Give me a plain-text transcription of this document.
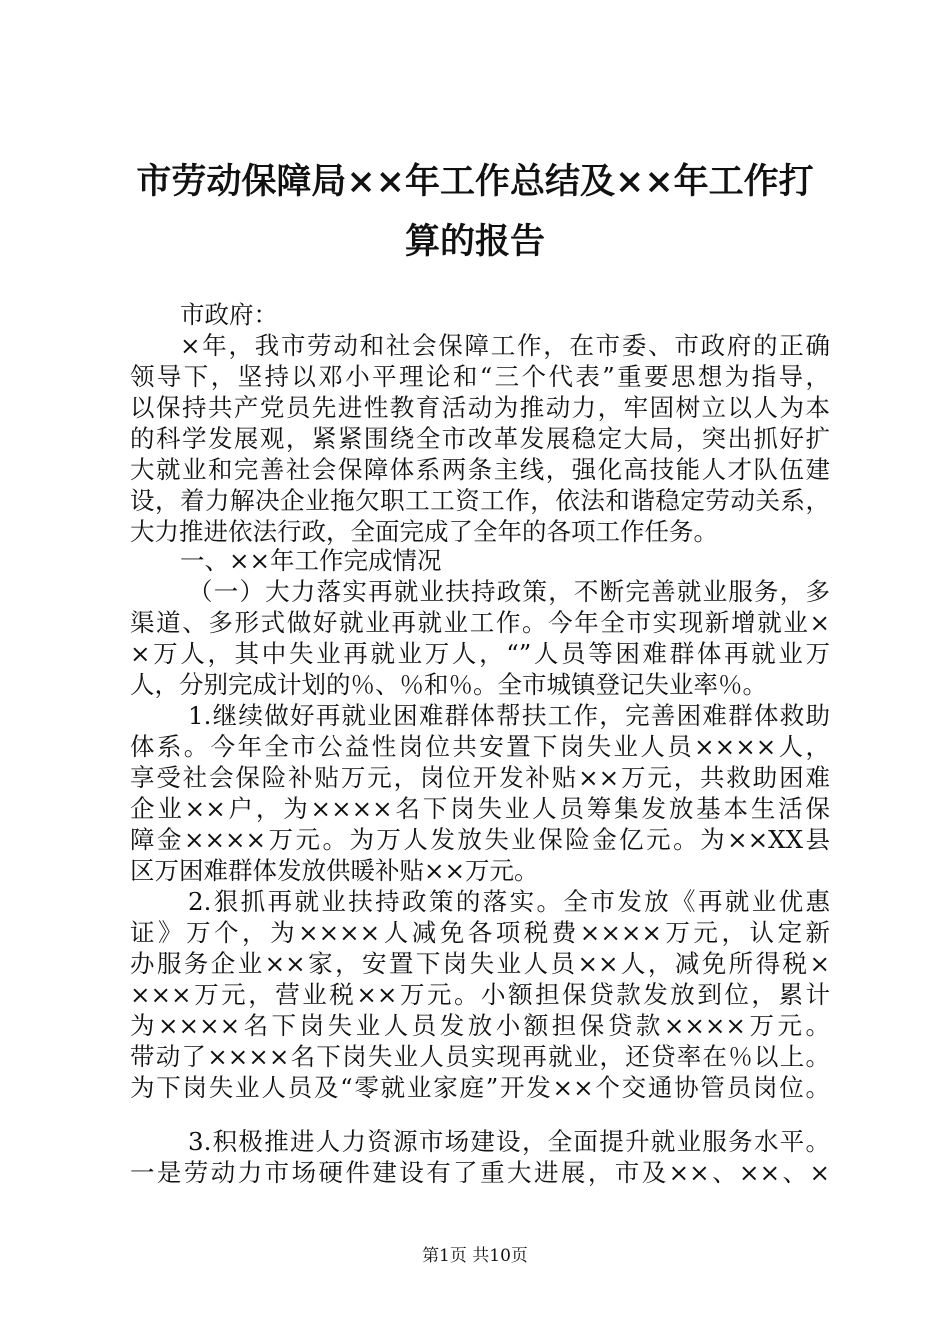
市劳动保障局××年工作总结及××年工作打
算的报告
市政府：
×年，我市劳动和社会保障工作，在市委、市政府的正确
领导下，坚持以邓小平理论和“三个代表”重要思想为指导，
以保持共产党员先进性教育活动为推动力，牢固树立以人为本
的科学发展观，紧紧围绕全市改革发展稳定大局，突出抓好扩
大就业和完善社会保障体系两条主线，强化高技能人才队伍建
设，着力解决企业拖欠职工工资工作，依法和谐稳定劳动关系，
大力推进依法行政，全面完成了全年的各项工作任务。
一、××年工作完成情况
（一）大力落实再就业扶持政策，不断完善就业服务，多
渠道、多形式做好就业再就业工作。今年全市实现新增就业×
×万人，其中失业再就业万人，“”人员等困难群体再就业万
人，分别完成计划的％、％和％。全市城镇登记失业率％。
1.继续做好再就业困难群体帮扶工作，完善困难群体救助
体系。今年全市公益性岗位共安置下岗失业人员××××人，
享受社会保险补贴万元，岗位开发补贴××万元，共救助困难
企业××户，为××××名下岗失业人员筹集发放基本生活保
障金××××万元。为万人发放失业保险金亿元。为××XX县
区万困难群体发放供暖补贴××万元。
2.狠抓再就业扶持政策的落实。全市发放《再就业优惠
证》万个，为××××人减免各项税费××××万元，认定新
办服务企业××家，安置下岗失业人员××人，减免所得税×
×××万元，营业税××万元。小额担保贷款发放到位，累计
为××××名下岗失业人员发放小额担保贷款××××万元。
带动了××××名下岗失业人员实现再就业，还贷率在％以上。
为下岗失业人员及“零就业家庭”开发××个交通协管员岗位。
3.积极推进人力资源市场建设，全面提升就业服务水平。
一是劳动力市场硬件建设有了重大进展，市及××、××、×
第1页 共10页
